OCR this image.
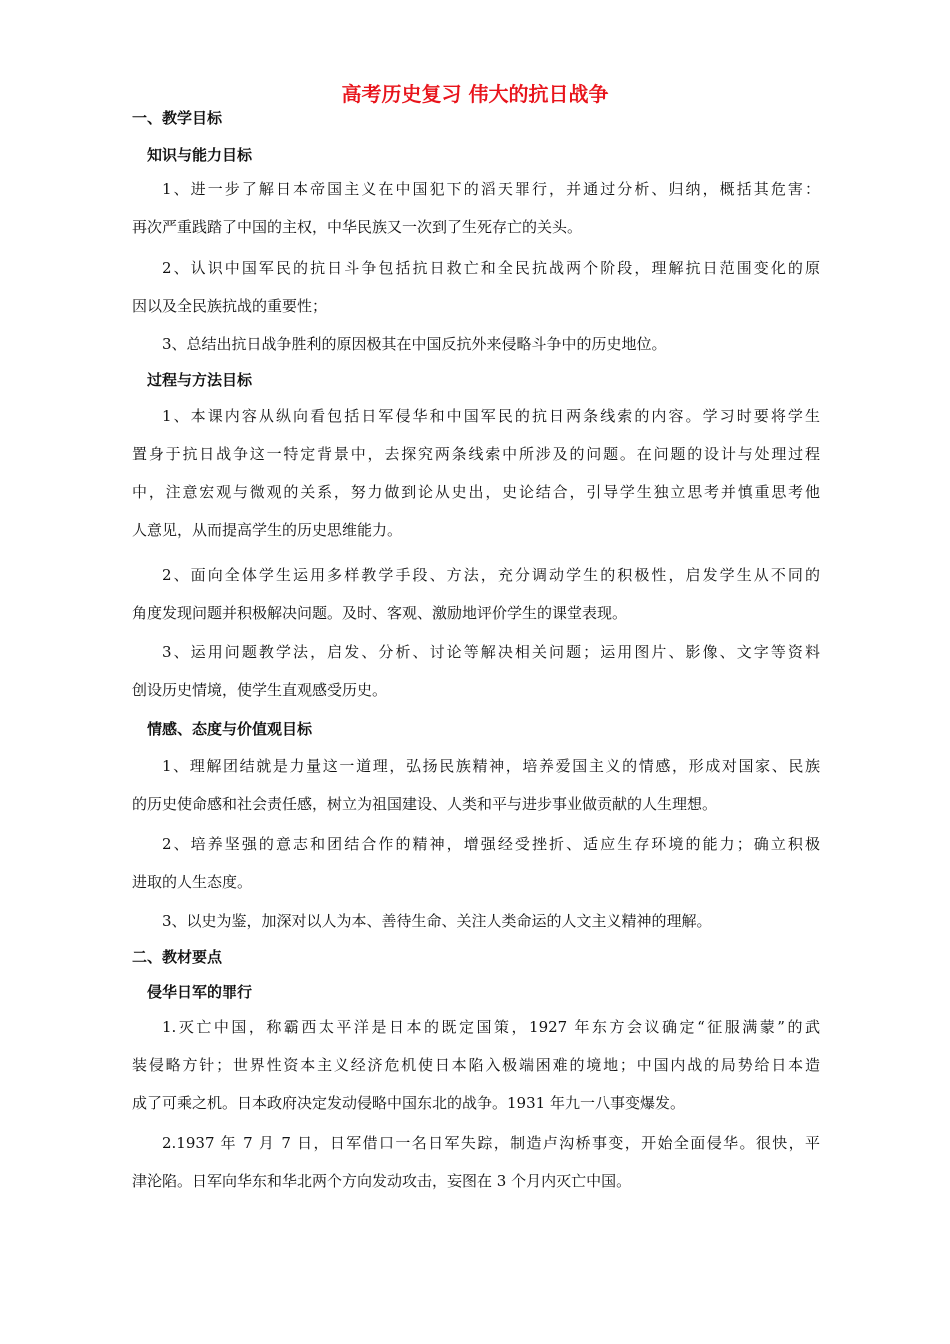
高考历史复习 伟大的抗日战争
一、教学目标
知识与能力目标
1、进一步了解日本帝国主义在中国犯下的滔天罪行，并通过分析、归纳，概括其危害：
再次严重践踏了中国的主权，中华民族又一次到了生死存亡的关头。
2、认识中国军民的抗日斗争包括抗日救亡和全民抗战两个阶段，理解抗日范围变化的原
因以及全民族抗战的重要性；
3、总结出抗日战争胜利的原因极其在中国反抗外来侵略斗争中的历史地位。
过程与方法目标
1、本课内容从纵向看包括日军侵华和中国军民的抗日两条线索的内容。学习时要将学生
置身于抗日战争这一特定背景中，去探究两条线索中所涉及的问题。在问题的设计与处理过程
中，注意宏观与微观的关系，努力做到论从史出，史论结合，引导学生独立思考并慎重思考他
人意见，从而提高学生的历史思维能力。
2、面向全体学生运用多样教学手段、方法，充分调动学生的积极性，启发学生从不同的
角度发现问题并积极解决问题。及时、客观、激励地评价学生的课堂表现。
3、运用问题教学法，启发、分析、讨论等解决相关问题；运用图片、影像、文字等资料
创设历史情境，使学生直观感受历史。
情感、态度与价值观目标
1、理解团结就是力量这一道理，弘扬民族精神，培养爱国主义的情感，形成对国家、民族
的历史使命感和社会责任感，树立为祖国建设、人类和平与进步事业做贡献的人生理想。
2、培养坚强的意志和团结合作的精神，增强经受挫折、适应生存环境的能力；确立积极
进取的人生态度。
3、以史为鉴，加深对以人为本、善待生命、关注人类命运的人文主义精神的理解。
二、教材要点
侵华日军的罪行
1.灭亡中国，称霸西太平洋是日本的既定国策，1927 年东方会议确定“征服满蒙”的武
装侵略方针；世界性资本主义经济危机使日本陷入极端困难的境地；中国内战的局势给日本造
成了可乘之机。日本政府决定发动侵略中国东北的战争。1931 年九一八事变爆发。
2.1937 年 7 月 7 日，日军借口一名日军失踪，制造卢沟桥事变，开始全面侵华。很快，平
津沦陷。日军向华东和华北两个方向发动攻击，妄图在 3 个月内灭亡中国。
